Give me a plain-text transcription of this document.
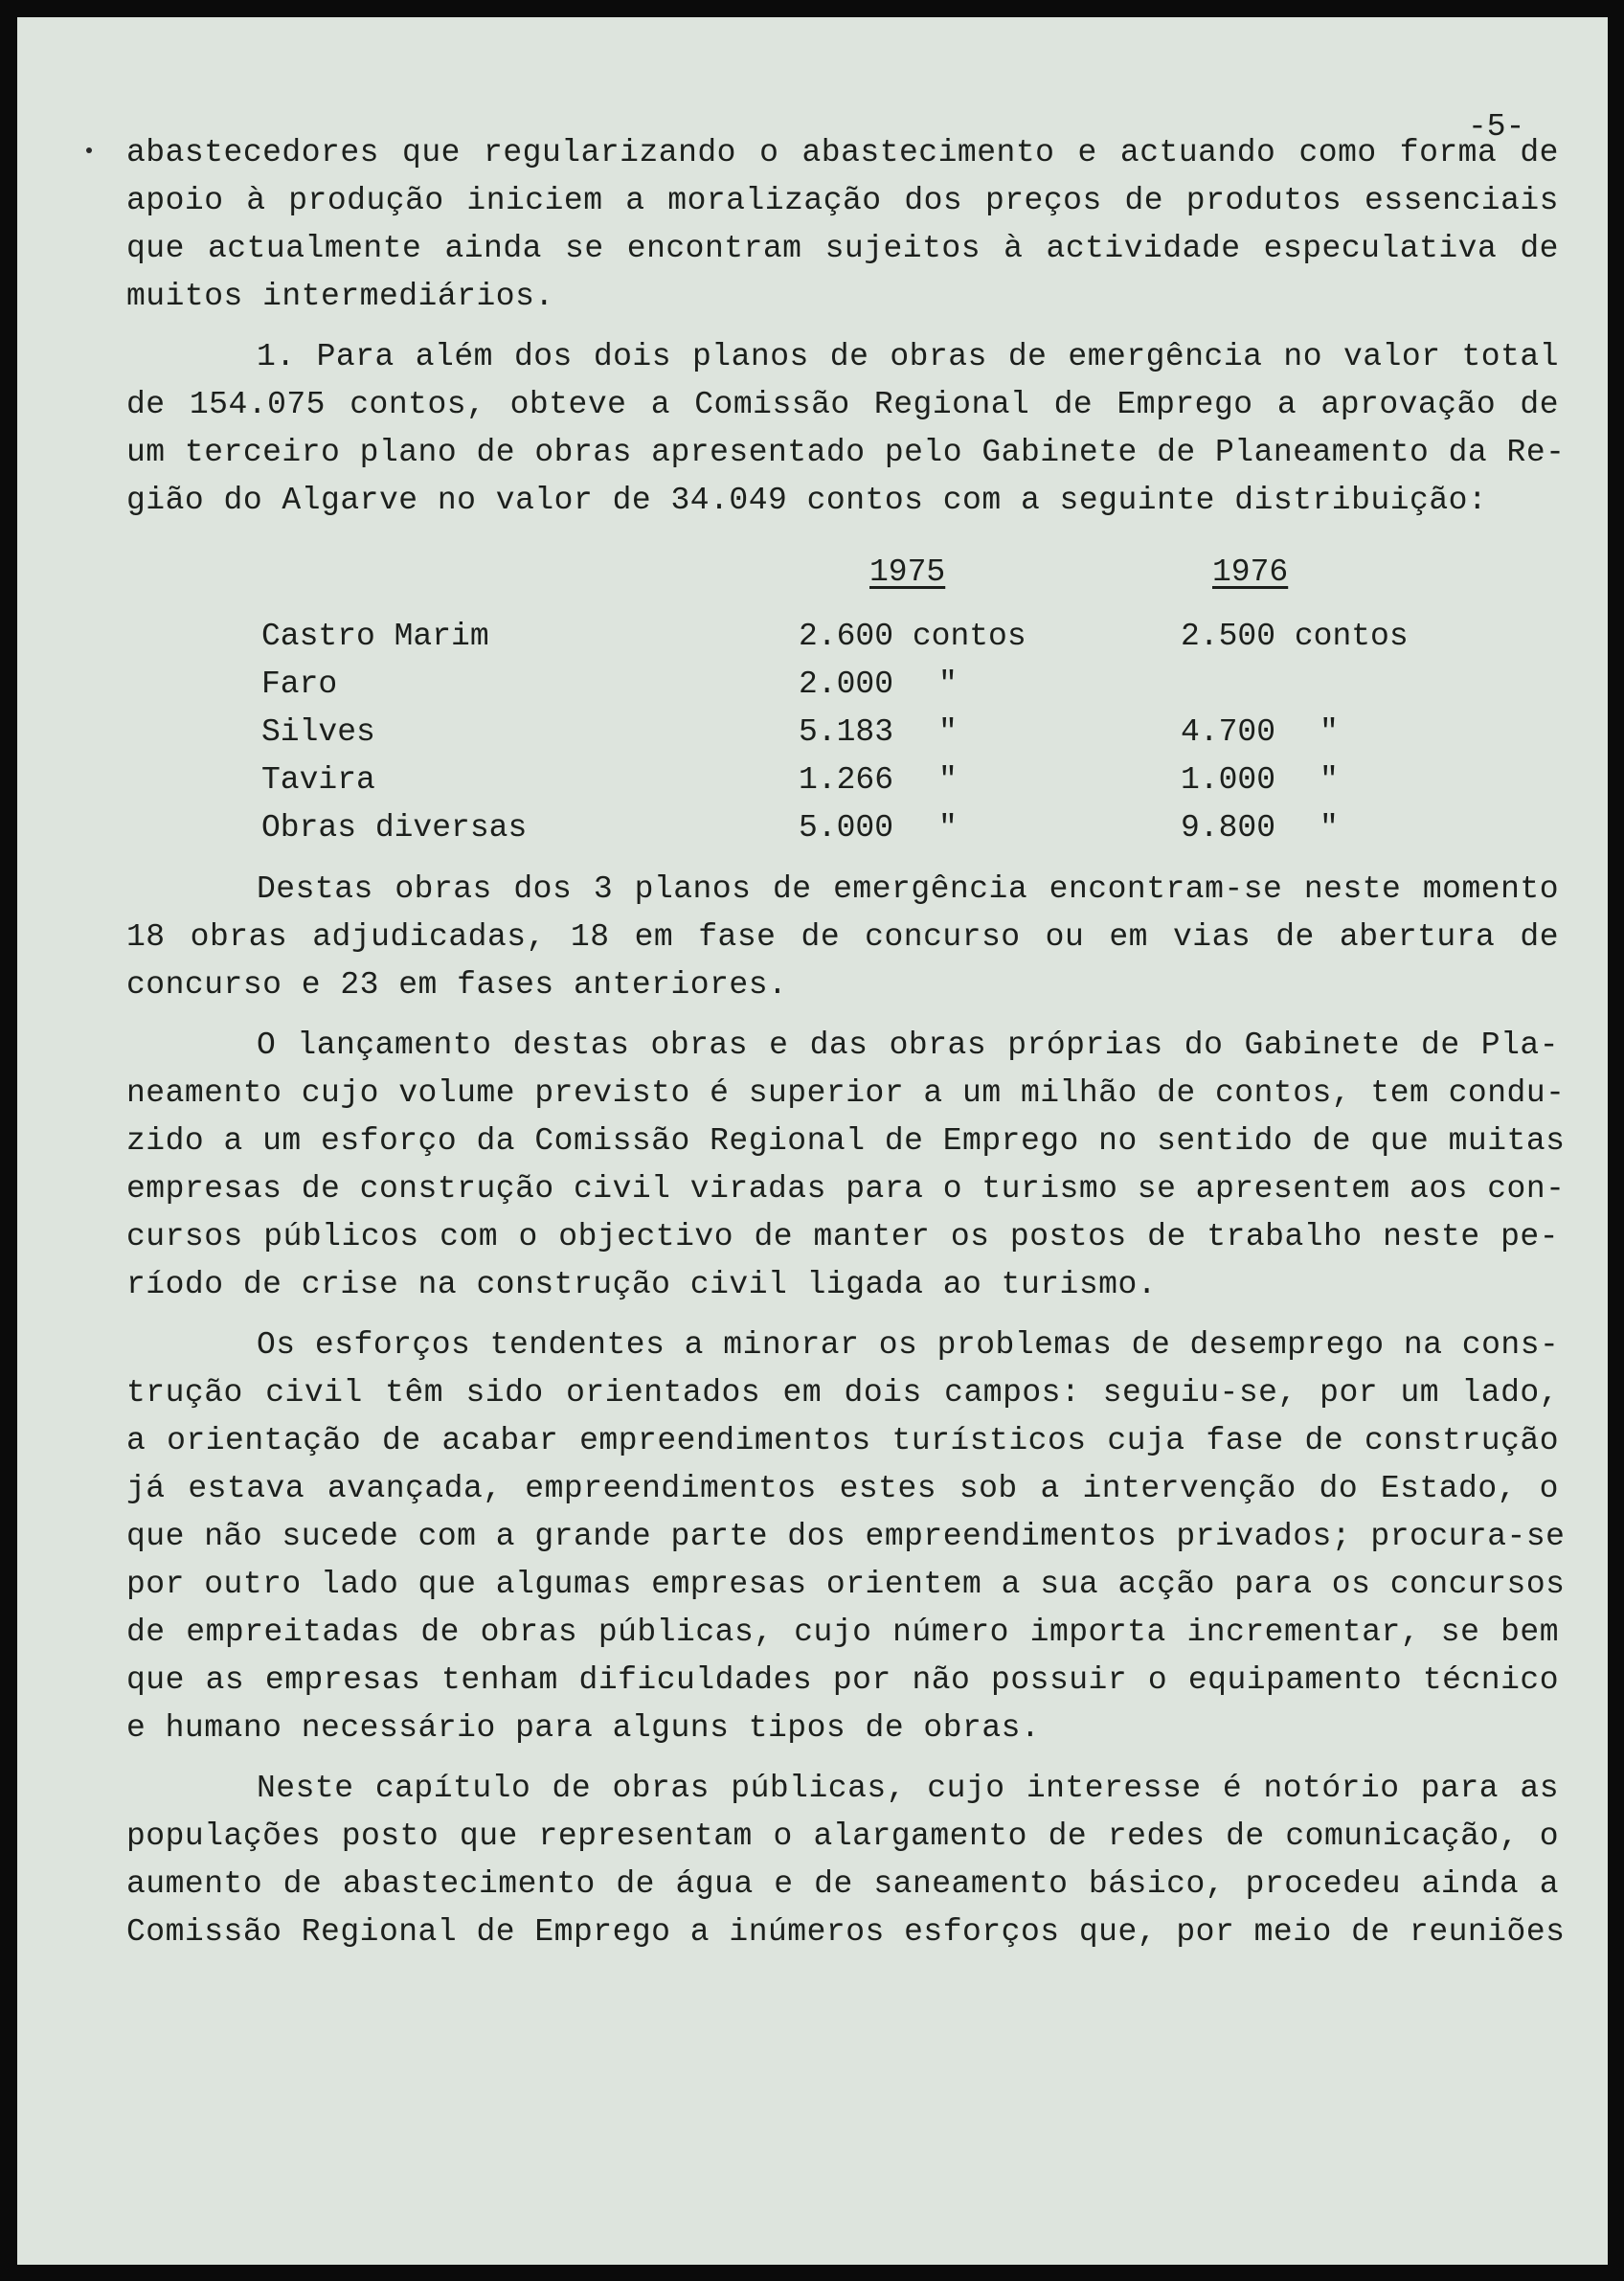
-5-
abastecedores que regularizando o abastecimento e actuando como forma de
apoio à produção iniciem a moralização dos preços de produtos essenciais
que actualmente ainda se encontram sujeitos à actividade especulativa de
muitos intermediários.
1. Para além dos dois planos de obras de emergência no valor total
de 154.075 contos, obteve a Comissão Regional de Emprego a aprovação de
um terceiro plano de obras apresentado pelo Gabinete de Planeamento da Re-
gião do Algarve no valor de 34.049 contos com a seguinte distribuição:
1975	1976
Castro Marim	2.600 contos	2.500 contos
Faro	2.000 "
Silves	5.183 "	4.700 "
Tavira	1.266 "	1.000 "
Obras diversas	5.000 "	9.800 "
Destas obras dos 3 planos de emergência encontram-se neste momento
18 obras adjudicadas, 18 em fase de concurso ou em vias de abertura de
concurso e 23 em fases anteriores.
O lançamento destas obras e das obras próprias do Gabinete de Pla-
neamento cujo volume previsto é superior a um milhão de contos, tem condu-
zido a um esforço da Comissão Regional de Emprego no sentido de que muitas
empresas de construção civil viradas para o turismo se apresentem aos con-
cursos públicos com o objectivo de manter os postos de trabalho neste pe-
ríodo de crise na construção civil ligada ao turismo.
Os esforços tendentes a minorar os problemas de desemprego na cons-
trução civil têm sido orientados em dois campos: seguiu-se, por um lado,
a orientação de acabar empreendimentos turísticos cuja fase de construção
já estava avançada, empreendimentos estes sob a intervenção do Estado, o
que não sucede com a grande parte dos empreendimentos privados; procura-se
por outro lado que algumas empresas orientem a sua acção para os concursos
de empreitadas de obras públicas, cujo número importa incrementar, se bem
que as empresas tenham dificuldades por não possuir o equipamento técnico
e humano necessário para alguns tipos de obras.
Neste capítulo de obras públicas, cujo interesse é notório para as
populações posto que representam o alargamento de redes de comunicação, o
aumento de abastecimento de água e de saneamento básico, procedeu ainda a
Comissão Regional de Emprego a inúmeros esforços que, por meio de reuniões
